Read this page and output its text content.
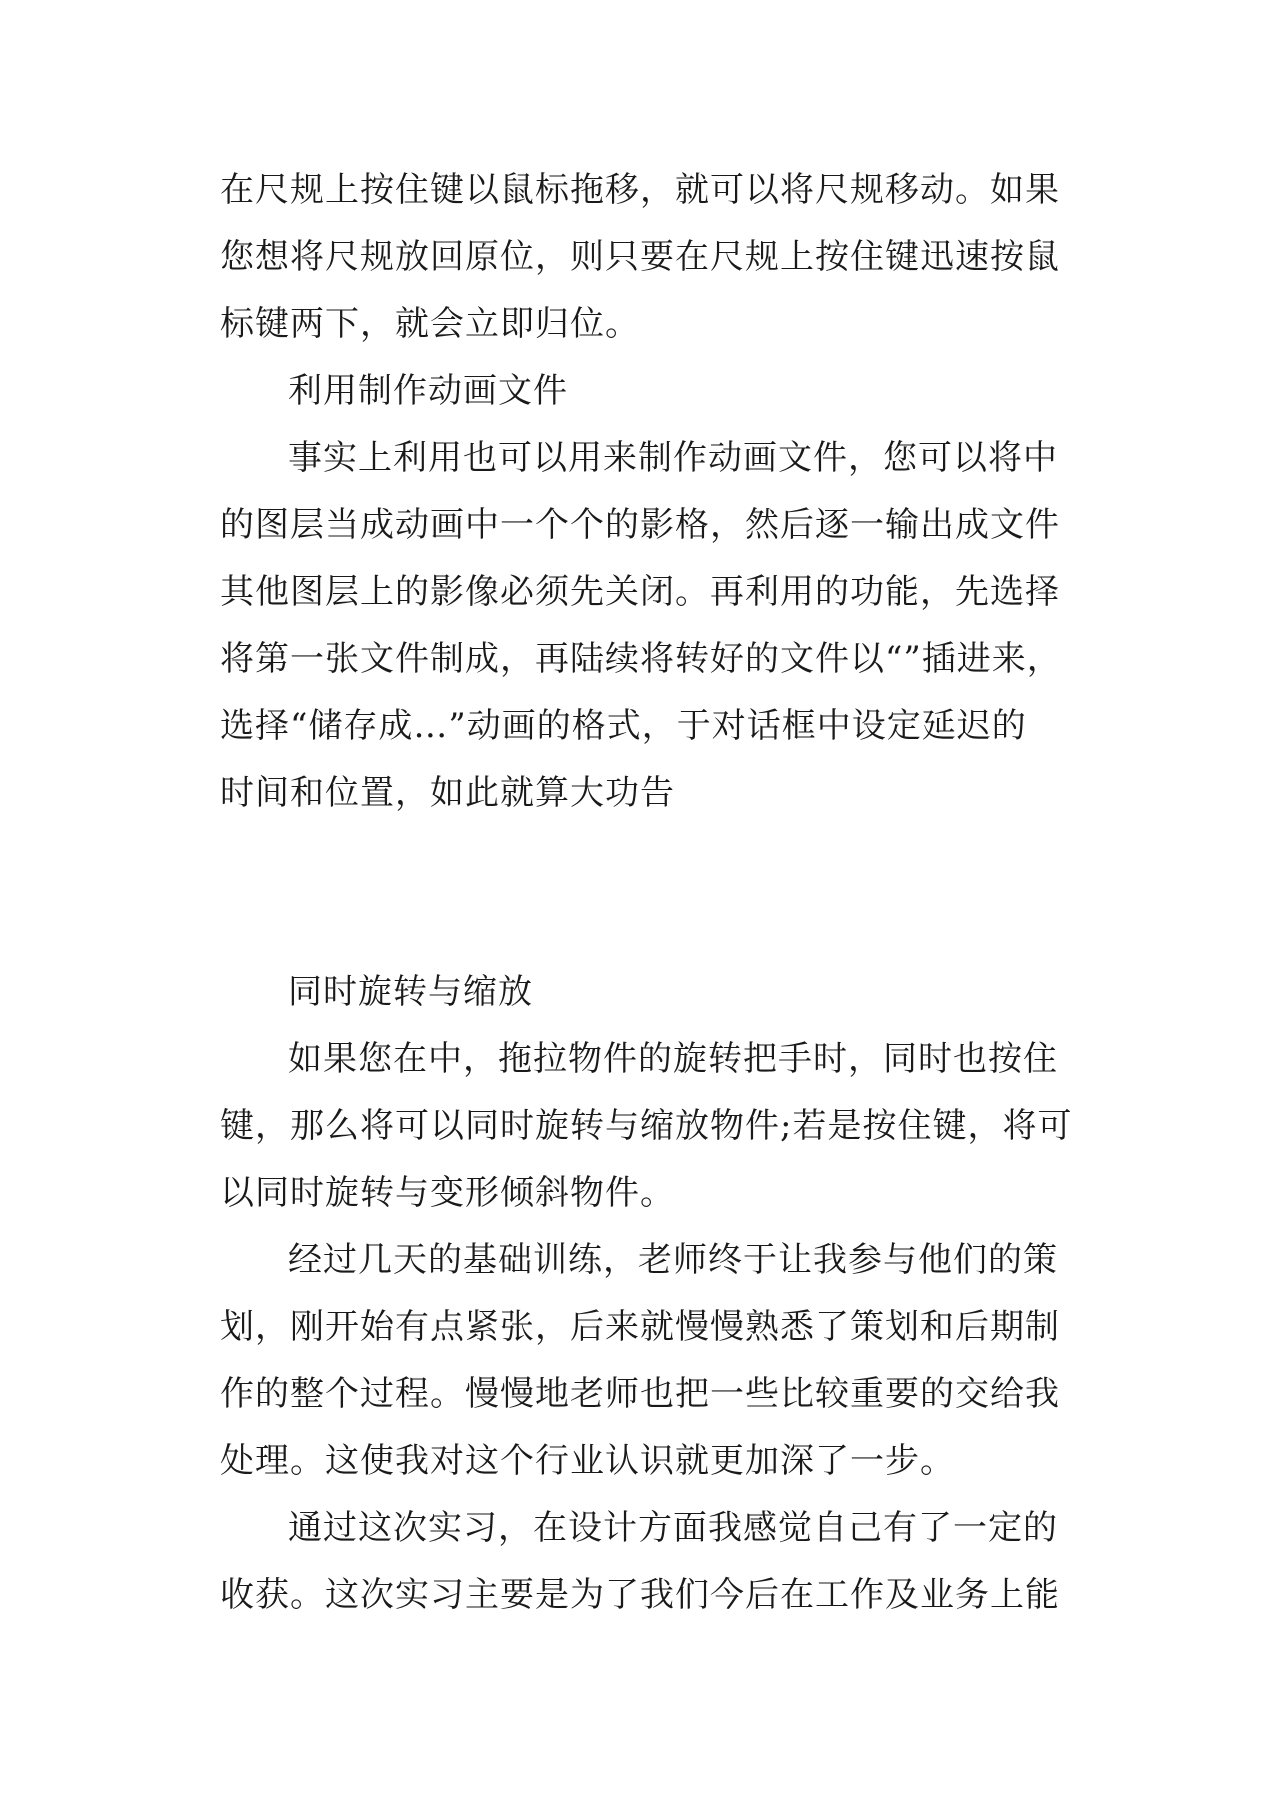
在尺规上按住键以鼠标拖移，就可以将尺规移动。如果

您想将尺规放回原位，则只要在尺规上按住键迅速按鼠

标键两下，就会立即归位。

利用制作动画文件

事实上利用也可以用来制作动画文件，您可以将中

的图层当成动画中一个个的影格，然后逐一输出成文件

其他图层上的影像必须先关闭。再利用的功能，先选择

将第一张文件制成，再陆续将转好的文件以“”插进来，

选择“储存成…”动画的格式，于对话框中设定延迟的

时间和位置，如此就算大功告

同时旋转与缩放

如果您在中，拖拉物件的旋转把手时，同时也按住

键，那么将可以同时旋转与缩放物件;若是按住键，将可

以同时旋转与变形倾斜物件。

经过几天的基础训练，老师终于让我参与他们的策

划，刚开始有点紧张，后来就慢慢熟悉了策划和后期制

作的整个过程。慢慢地老师也把一些比较重要的交给我

处理。这使我对这个行业认识就更加深了一步。

通过这次实习，在设计方面我感觉自己有了一定的

收获。这次实习主要是为了我们今后在工作及业务上能
